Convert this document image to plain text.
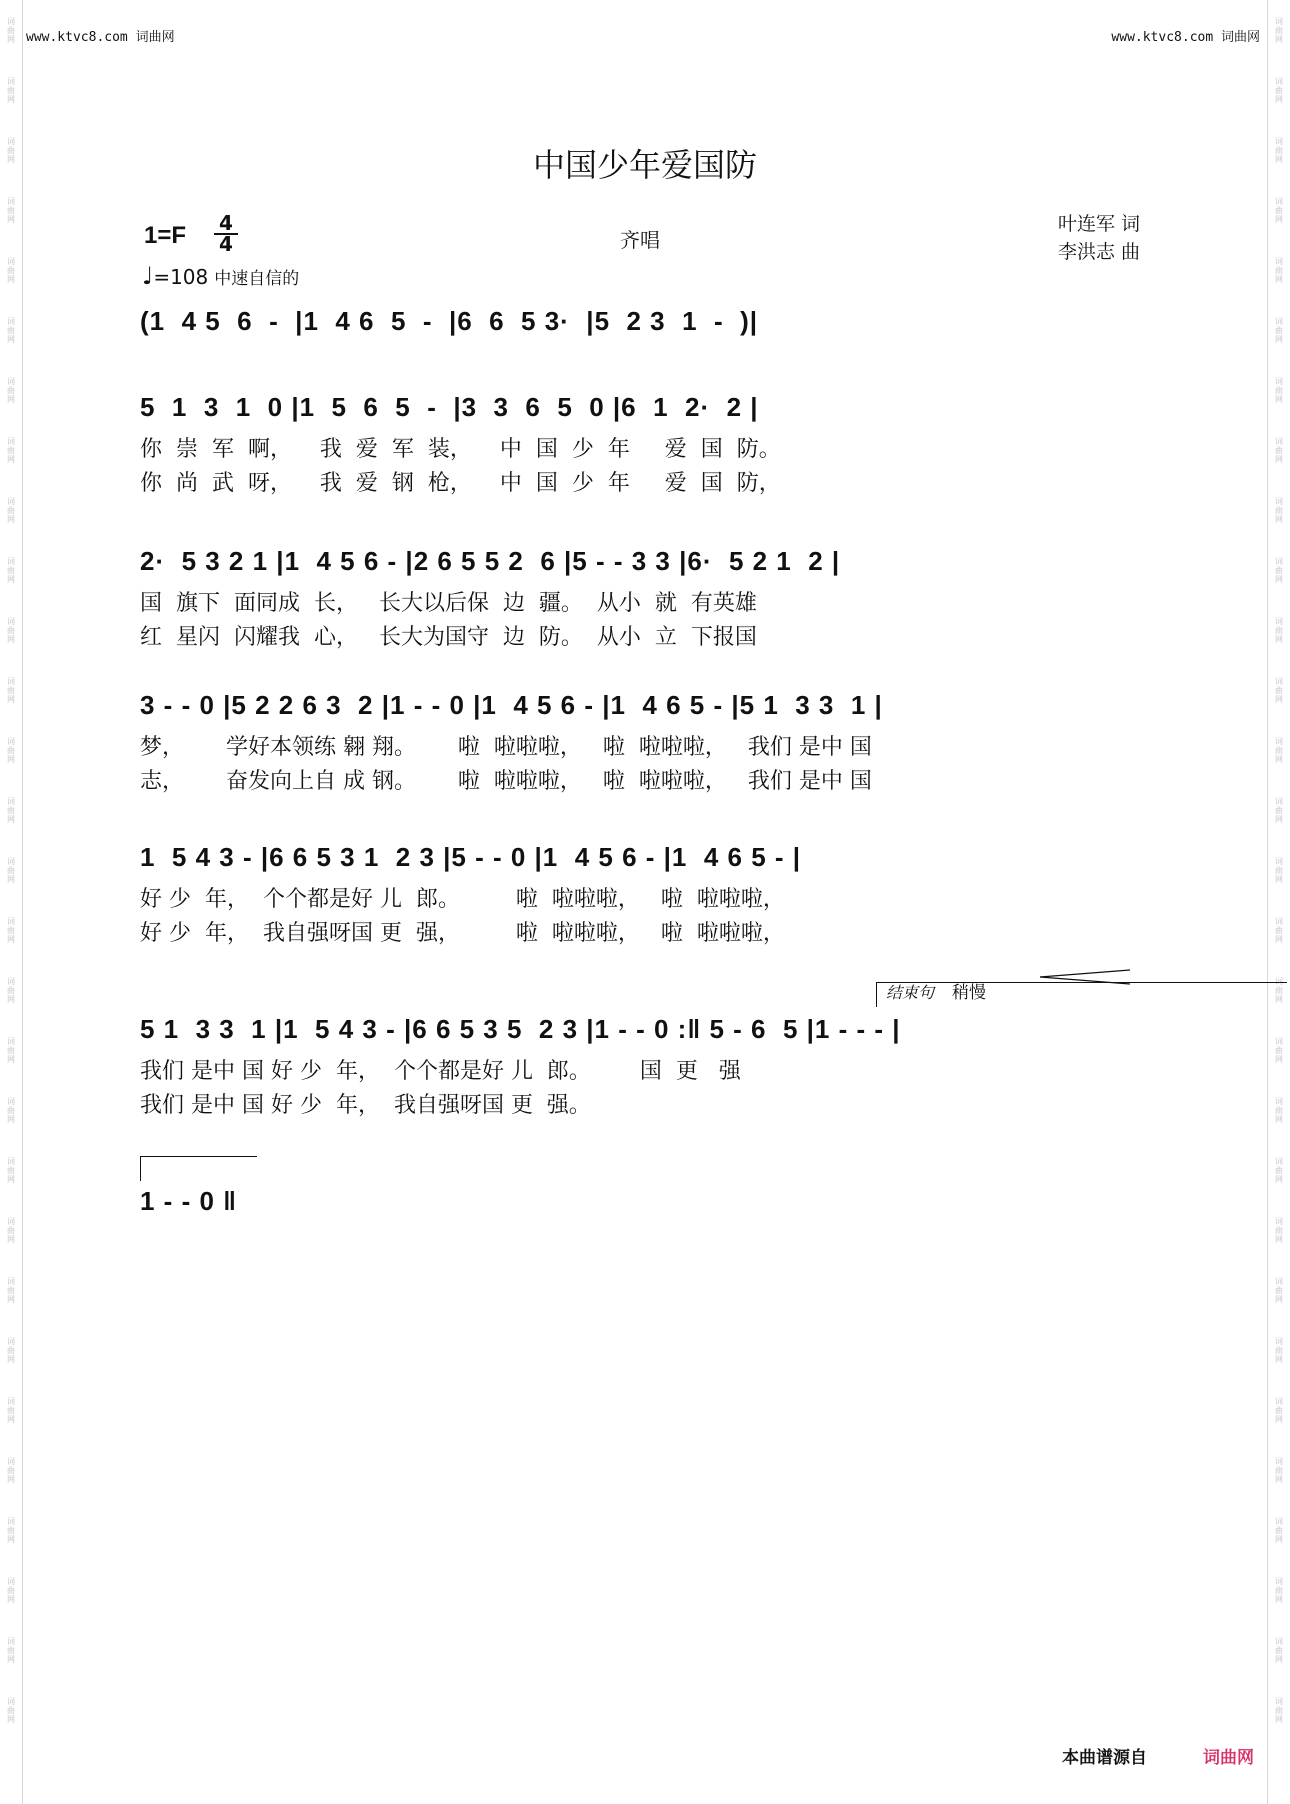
词
曲
网
词
曲
网
词
曲
网
词
曲
网
词
曲
网
词
曲
网
词
曲
网
词
曲
网
词
曲
网
词
曲
网
词
曲
网
词
曲
网
词
曲
网
词
曲
网
词
曲
网
词
曲
网
词
曲
网
词
曲
网
词
曲
网
词
曲
网
词
曲
网
词
曲
网
词
曲
网
词
曲
网
词
曲
网
词
曲
网
词
曲
网
词
曲
网
词
曲
网
词
曲
网
词
曲
网
词
曲
网
词
曲
网
词
曲
网
词
曲
网
词
曲
网
词
曲
网
词
曲
网
词
曲
网
词
曲
网
词
曲
网
词
曲
网
词
曲
网
词
曲
网
词
曲
网
词
曲
网
词
曲
网
词
曲
网
词
曲
网
词
曲
网
词
曲
网
词
曲
网
词
曲
网
词
曲
网
词
曲
网
词
曲
网
词
曲
网
词
曲
网
www.ktvc8.com 词曲网	www.ktvc8.com 词曲网
中国少年爱国防
1=F 4
4
♩=108 中速自信的
齐唱
叶连军 词
李洪志 曲
(1  4 5  6  -  |1  4 6  5  -  |6  6  5 3·  |5  2 3  1  -  )|
5  1  3  1  0 |1  5  6  5  -  |3  3  6  5  0 |6  1  2·  2 |
你  崇  军  啊，    我  爱  军  装，    中  国  少  年     爱  国  防。
你  尚  武  呀，    我  爱  钢  枪，    中  国  少  年     爱  国  防，
2·  5 3 2 1 |1  4 5 6 - |2 6 5 5 2  6 |5 - - 3 3 |6·  5 2 1  2 |
国  旗下  面同成  长，   长大以后保  边  疆。  从小  就  有英雄
红  星闪  闪耀我  心，   长大为国守  边  防。  从小  立  下报国
3 - - 0 |5 2 2 6 3  2 |1 - - 0 |1  4 5 6 - |1  4 6 5 - |5 1  3 3  1 |
梦，      学好本领练 翱 翔。      啦  啦啦啦，   啦  啦啦啦，   我们 是中 国
志，      奋发向上自 成 钢。      啦  啦啦啦，   啦  啦啦啦，   我们 是中 国
1  5 4 3 - |6 6 5 3 1  2 3 |5 - - 0 |1  4 5 6 - |1  4 6 5 - |
好 少  年，  个个都是好 儿  郎。        啦  啦啦啦，   啦  啦啦啦，
好 少  年，  我自强呀国 更  强，        啦  啦啦啦，   啦  啦啦啦，
结束句 稍慢
5 1  3 3  1 |1  5 4 3 - |6 6 5 3 5  2 3 |1 - - 0 :‖ 5 - 6  5 |1 - - - |
我们 是中 国 好 少  年，  个个都是好 儿  郎。       国  更   强
我们 是中 国 好 少  年，  我自强呀国 更  强。
1 - - 0 ‖
本曲谱源自	词曲网
